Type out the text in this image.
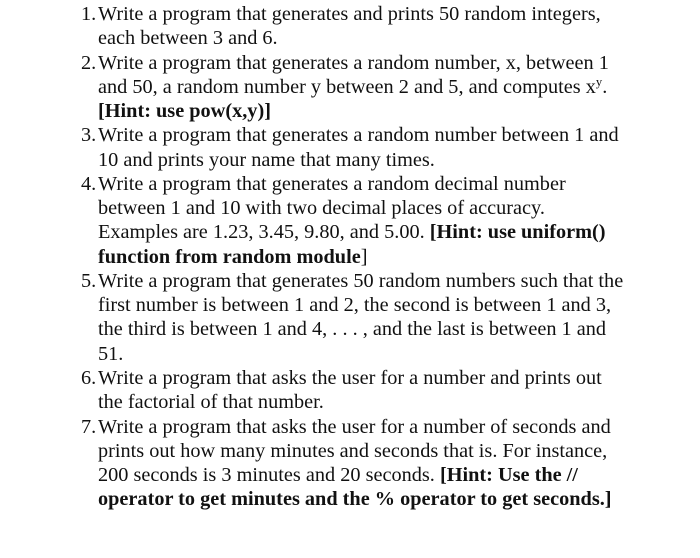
1. Write a program that generates and prints 50 random integers, each between 3 and 6.
2. Write a program that generates a random number, x, between 1 and 50, a random number y between 2 and 5, and computes $x^y$. [Hint: use pow(x,y)]
3. Write a program that generates a random number between 1 and 10 and prints your name that many times.
4. Write a program that generates a random decimal number between 1 and 10 with two decimal places of accuracy. Examples are 1.23, 3.45, 9.80, and 5.00. [Hint: use uniform() function from random module]
5. Write a program that generates 50 random numbers such that the first number is between 1 and 2, the second is between 1 and 3, the third is between 1 and 4, . . . , and the last is between 1 and 51.
6. Write a program that asks the user for a number and prints out the factorial of that number.
7. Write a program that asks the user for a number of seconds and prints out how many minutes and seconds that is. For instance, 200 seconds is 3 minutes and 20 seconds. [Hint: Use the // operator to get minutes and the % operator to get seconds.]
